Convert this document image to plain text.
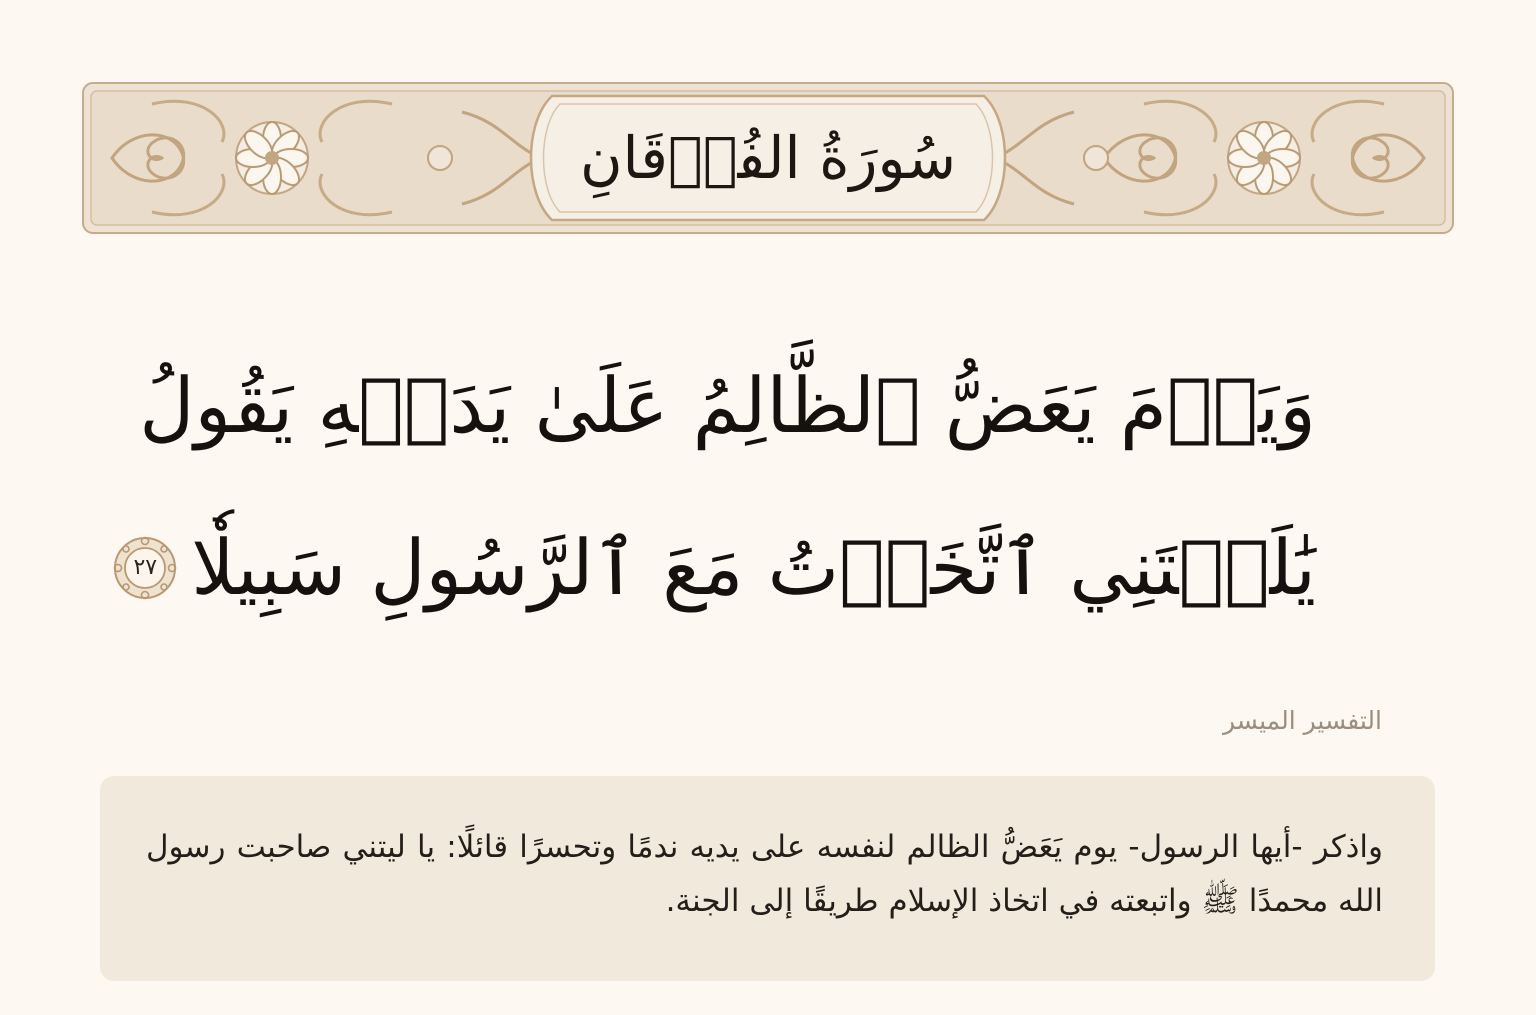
سُورَةُ الفُرۡقَانِ
وَيَوۡمَ يَعَضُّ ٱلظَّالِمُ عَلَىٰ يَدَيۡهِ يَقُولُ
يَٰلَيۡتَنِي ٱتَّخَذۡتُ مَعَ ٱلرَّسُولِ سَبِيلٗا
٢٧
التفسير الميسر
واذكر -أيها الرسول- يوم يَعَضُّ الظالم لنفسه على يديه ندمًا وتحسرًا قائلًا: يا ليتني صاحبت رسول الله محمدًا ﷺ واتبعته في اتخاذ الإسلام طريقًا إلى الجنة.
